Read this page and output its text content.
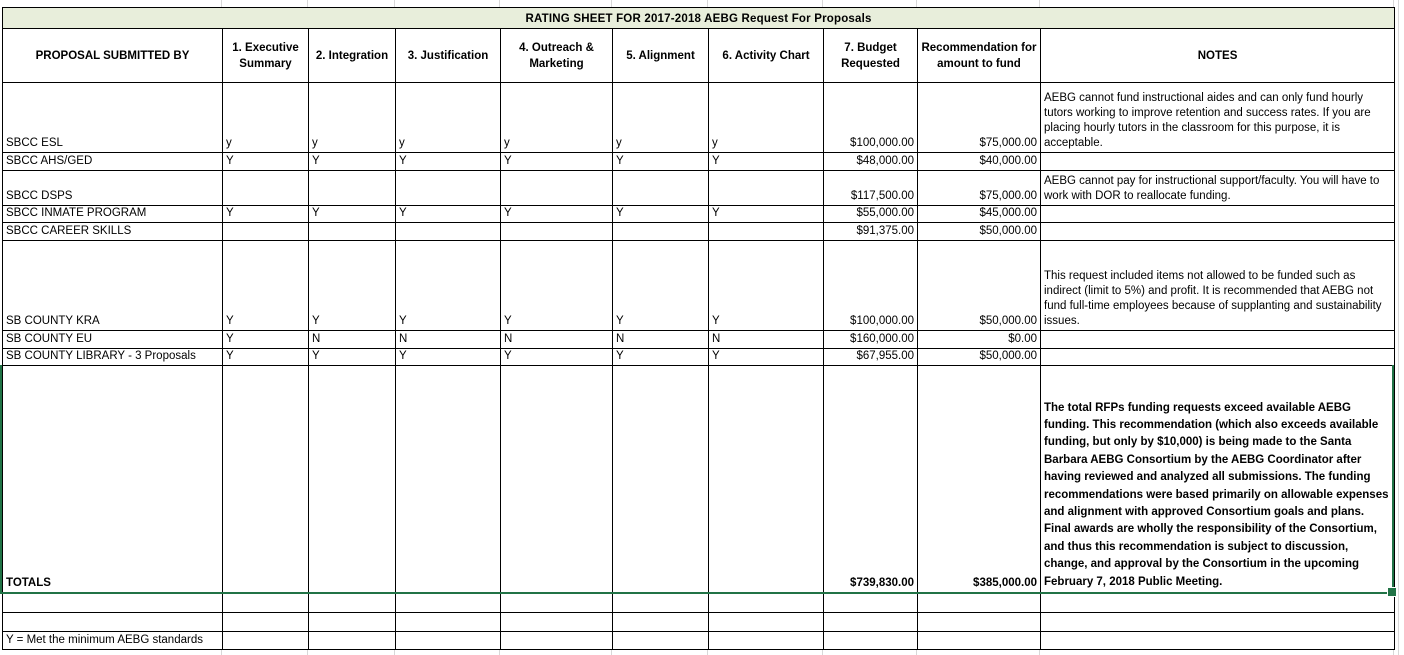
RATING SHEET FOR 2017-2018 AEBG Request For Proposals									
PROPOSAL SUBMITTED BY	1. Executive Summary	2. Integration	3. Justification	4. Outreach & Marketing	5. Alignment	6. Activity Chart	7. Budget Requested	Recommendation for amount to fund	NOTES
SBCC ESL	y	y	y	y	y	y	$100,000.00	$75,000.00	AEBG cannot fund instructional aides and can only fund hourly tutors working to improve retention and success rates. If you are placing hourly tutors in the classroom for this purpose, it is acceptable.
SBCC AHS/GED	Y	Y	Y	Y	Y	Y	$48,000.00	$40,000.00	
SBCC DSPS							$117,500.00	$75,000.00	AEBG cannot pay for instructional support/faculty. You will have to work with DOR to reallocate funding.
SBCC INMATE PROGRAM	Y	Y	Y	Y	Y	Y	$55,000.00	$45,000.00	
SBCC CAREER SKILLS							$91,375.00	$50,000.00	
SB COUNTY KRA	Y	Y	Y	Y	Y	Y	$100,000.00	$50,000.00	This request included items not allowed to be funded such as indirect (limit to 5%) and profit. It is recommended that AEBG not fund full-time employees because of supplanting and sustainability issues.
SB COUNTY EU	Y	N	N	N	N	N	$160,000.00	$0.00	
SB COUNTY LIBRARY - 3 Proposals	Y	Y	Y	Y	Y	Y	$67,955.00	$50,000.00	
TOTALS							$739,830.00	$385,000.00	The total RFPs funding requests exceed available AEBG funding. This recommendation (which also exceeds available funding, but only by $10,000) is being made to the Santa Barbara AEBG Consortium by the AEBG Coordinator after having reviewed and analyzed all submissions. The funding recommendations were based primarily on allowable expenses and alignment with approved Consortium goals and plans. Final awards are wholly the responsibility of the Consortium, and thus this recommendation is subject to discussion, change, and approval by the Consortium in the upcoming February 7, 2018 Public Meeting.

Y = Met the minimum AEBG standards									
